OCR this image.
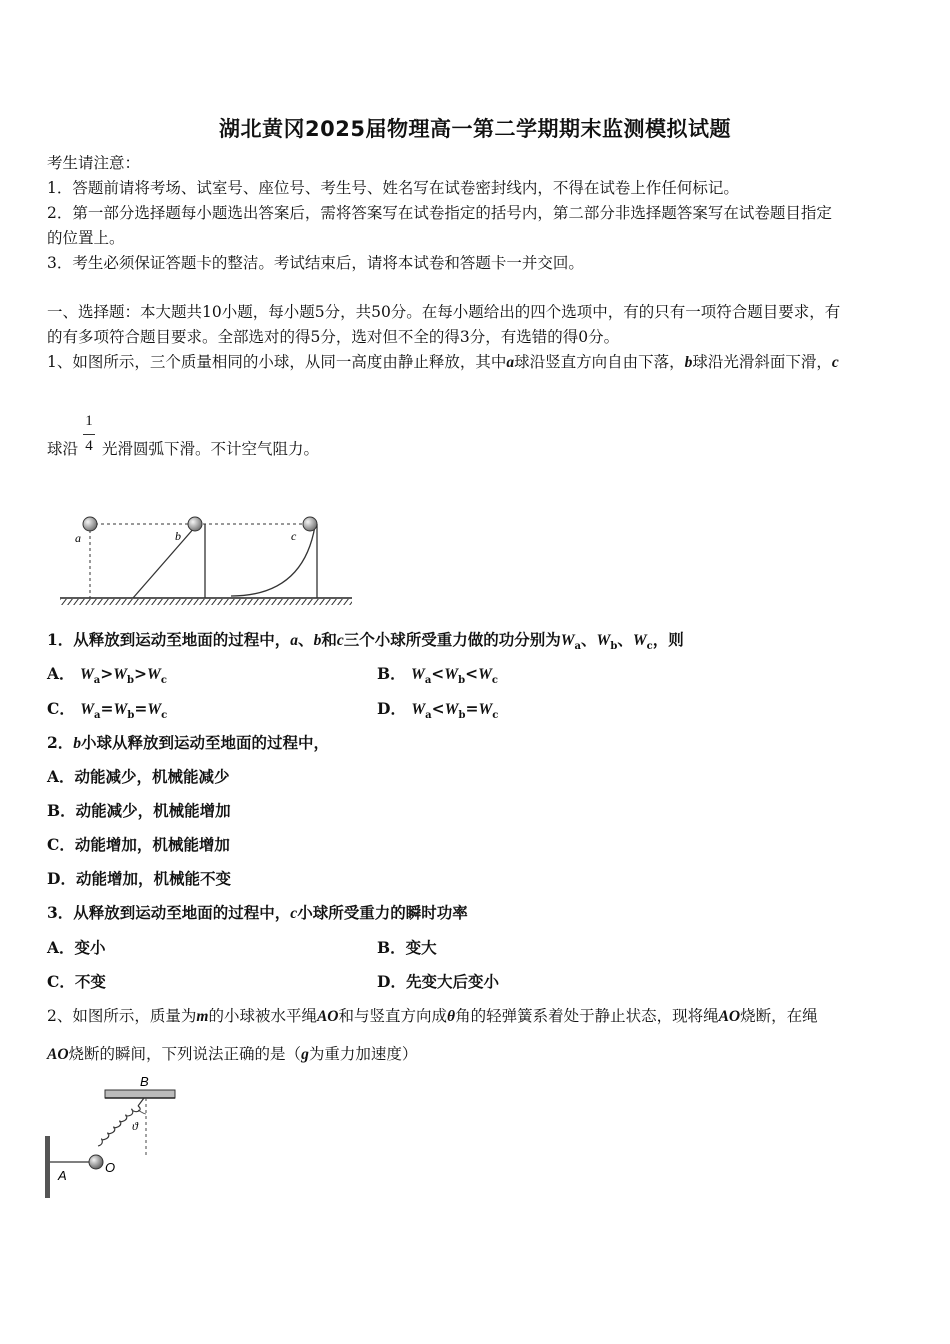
湖北黄冈2025届物理高一第二学期期末监测模拟试题
考生请注意：
1．答题前请将考场、试室号、座位号、考生号、姓名写在试卷密封线内，不得在试卷上作任何标记。
2．第一部分选择题每小题选出答案后，需将答案写在试卷指定的括号内，第二部分非选择题答案写在试卷题目指定
的位置上。
3．考生必须保证答题卡的整洁。考试结束后，请将本试卷和答题卡一并交回。
一、选择题：本大题共10小题，每小题5分，共50分。在每小题给出的四个选项中，有的只有一项符合题目要求，有
的有多项符合题目要求。全部选对的得5分，选对但不全的得3分，有选错的得0分。
1、如图所示，三个质量相同的小球，从同一高度由静止释放，其中a球沿竖直方向自由下落，b球沿光滑斜面下滑，c
球沿 光滑圆弧下滑。不计空气阻力。
1
4
a	b	c
1．从释放到运动至地面的过程中，a、b和c三个小球所受重力做的功分别为$W_a$、$W_b$、$W_c$，则
A． $W_a>W_b>W_c$	B． $W_a<W_b<W_c$
C． $W_a=W_b=W_c$	D． $W_a<W_b=W_c$
2．b小球从释放到运动至地面的过程中，
A．动能减少，机械能减少
B．动能减少，机械能增加
C．动能增加，机械能增加
D．动能增加，机械能不变
3．从释放到运动至地面的过程中，c小球所受重力的瞬时功率
A．变小	B．变大
C．不变	D．先变大后变小
2、如图所示，质量为m的小球被水平绳AO和与竖直方向成θ角的轻弹簧系着处于静止状态，现将绳AO烧断，在绳
AO烧断的瞬间，下列说法正确的是（g为重力加速度）
B
A
O
ϑ
